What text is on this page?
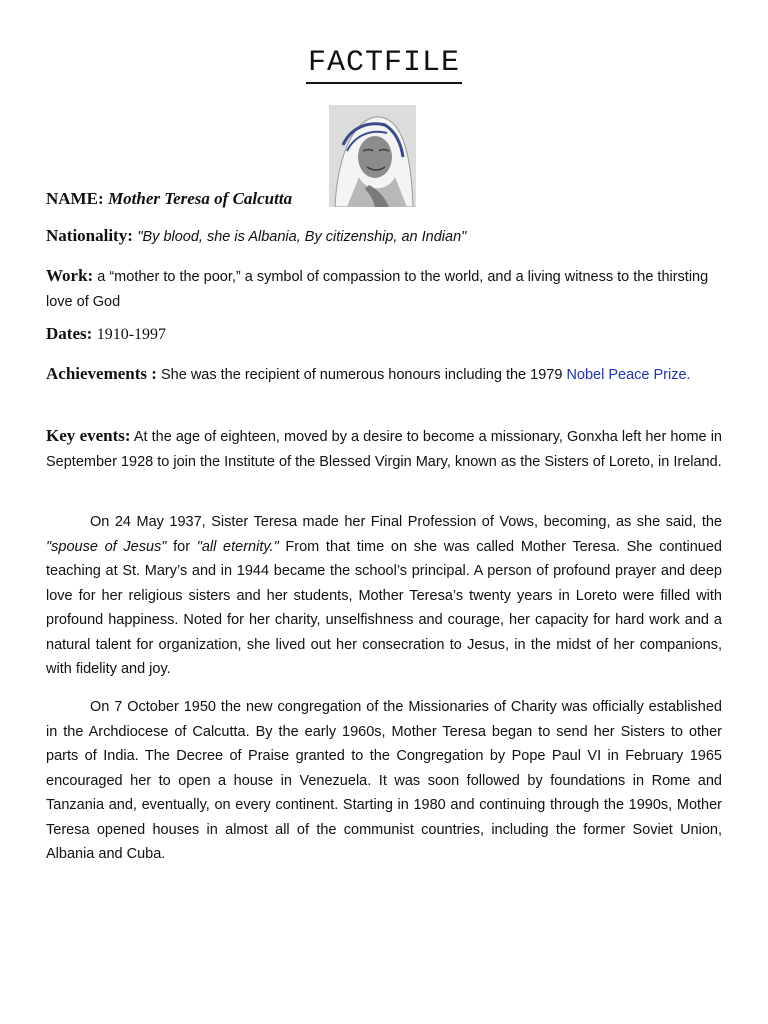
FACTFILE
NAME: Mother Teresa of Calcutta
Nationality: "By blood, she is Albania, By citizenship, an Indian"
Work: a “mother to the poor,” a symbol of compassion to the world, and a living witness to the thirsting love of God
Dates: 1910-1997
Achievements : She was the recipient of numerous honours including the 1979 Nobel Peace Prize.
Key events: At the age of eighteen, moved by a desire to become a missionary, Gonxha left her home in September 1928 to join the Institute of the Blessed Virgin Mary, known as the Sisters of Loreto, in Ireland.
On 24 May 1937, Sister Teresa made her Final Profession of Vows, becoming, as she said, the "spouse of Jesus" for "all eternity." From that time on she was called Mother Teresa. She continued teaching at St. Mary’s and in 1944 became the school’s principal. A person of profound prayer and deep love for her religious sisters and her students, Mother Teresa’s twenty years in Loreto were filled with profound happiness. Noted for her charity, unselfishness and courage, her capacity for hard work and a natural talent for organization, she lived out her consecration to Jesus, in the midst of her companions, with fidelity and joy.
On 7 October 1950 the new congregation of the Missionaries of Charity was officially established in the Archdiocese of Calcutta. By the early 1960s, Mother Teresa began to send her Sisters to other parts of India. The Decree of Praise granted to the Congregation by Pope Paul VI in February 1965 encouraged her to open a house in Venezuela. It was soon followed by foundations in Rome and Tanzania and, eventually, on every continent. Starting in 1980 and continuing through the 1990s, Mother Teresa opened houses in almost all of the communist countries, including the former Soviet Union, Albania and Cuba.
